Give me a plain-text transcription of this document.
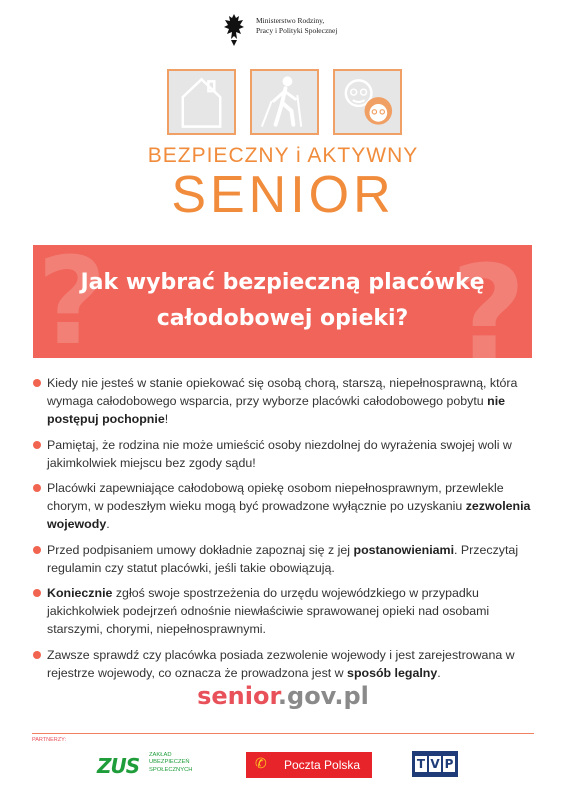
Ministerstwo Rodziny,
Pracy i Polityki Społecznej
BEZPIECZNY i AKTYWNY
SENIOR
?	?
Jak wybrać bezpieczną placówkę
całodobowej opieki?
Kiedy nie jesteś w stanie opiekować się osobą chorą, starszą, niepełnosprawną, która wymaga całodobowego wsparcia, przy wyborze placówki całodobowego pobytu nie postępuj pochopnie!
Pamiętaj, że rodzina nie może umieścić osoby niezdolnej do wyrażenia swojej woli w jakimkolwiek miejscu bez zgody sądu!
Placówki zapewniające całodobową opiekę osobom niepełnosprawnym, przewlekle chorym, w podeszłym wieku mogą być prowadzone wyłącznie po uzyskaniu zezwolenia wojewody.
Przed podpisaniem umowy dokładnie zapoznaj się z jej postanowieniami. Przeczytaj regulamin czy statut placówki, jeśli takie obowiązują.
Koniecznie zgłoś swoje spostrzeżenia do urzędu wojewódzkiego w przypadku jakichkolwiek podejrzeń odnośnie niewłaściwie sprawowanej opieki nad osobami starszymi, chorymi, niepełnosprawnymi.
Zawsze sprawdź czy placówka posiada zezwolenie wojewody i jest zarejestrowana w rejestrze wojewody, co oznacza że prowadzona jest w sposób legalny.
senior.gov.pl
PARTNERZY:
ZUS ZAKŁAD
UBEZPIECZEŃ
SPOŁECZNYCH	✆ Poczta Polska	T V P
